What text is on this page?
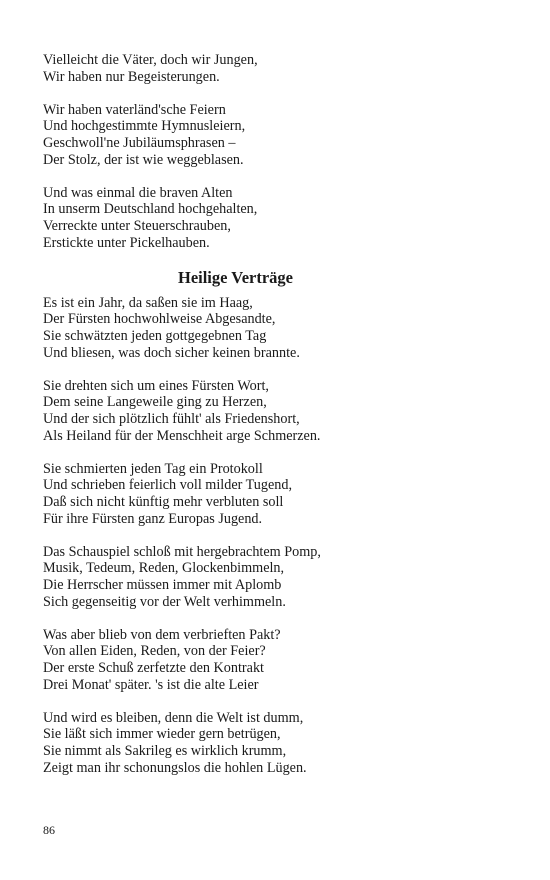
Vielleicht die Väter, doch wir Jungen,
Wir haben nur Begeisterungen.
Wir haben vaterländ'sche Feiern
Und hochgestimmte Hymnusleiern,
Geschwoll'ne Jubiläumsphrasen –
Der Stolz, der ist wie weggeblasen.
Und was einmal die braven Alten
In unserm Deutschland hochgehalten,
Verreckte unter Steuerschrauben,
Erstickte unter Pickelhauben.
Heilige Verträge
Es ist ein Jahr, da saßen sie im Haag,
Der Fürsten hochwohlweise Abgesandte,
Sie schwätzten jeden gottgegebnen Tag
Und bliesen, was doch sicher keinen brannte.
Sie drehten sich um eines Fürsten Wort,
Dem seine Langeweile ging zu Herzen,
Und der sich plötzlich fühlt' als Friedenshort,
Als Heiland für der Menschheit arge Schmerzen.
Sie schmierten jeden Tag ein Protokoll
Und schrieben feierlich voll milder Tugend,
Daß sich nicht künftig mehr verbluten soll
Für ihre Fürsten ganz Europas Jugend.
Das Schauspiel schloß mit hergebrachtem Pomp,
Musik, Tedeum, Reden, Glockenbimmeln,
Die Herrscher müssen immer mit Aplomb
Sich gegenseitig vor der Welt verhimmeln.
Was aber blieb von dem verbrieften Pakt?
Von allen Eiden, Reden, von der Feier?
Der erste Schuß zerfetzte den Kontrakt
Drei Monat' später. 's ist die alte Leier
Und wird es bleiben, denn die Welt ist dumm,
Sie läßt sich immer wieder gern betrügen,
Sie nimmt als Sakrileg es wirklich krumm,
Zeigt man ihr schonungslos die hohlen Lügen.
86
